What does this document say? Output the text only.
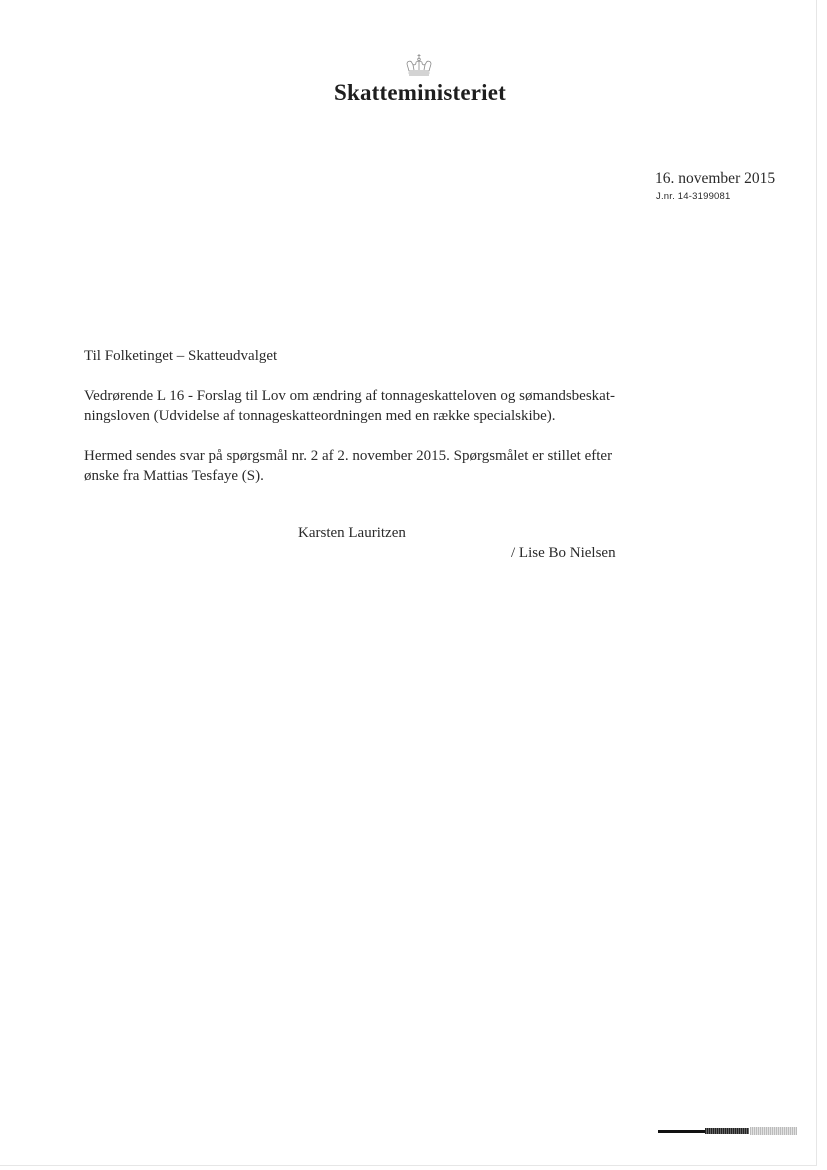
Skatteministeriet
16. november 2015
J.nr. 14-3199081
Til Folketinget – Skatteudvalget
Vedrørende L 16 - Forslag til Lov om ændring af tonnageskatteloven og sømandsbeskat-
ningsloven (Udvidelse af tonnageskatteordningen med en række specialskibe).
Hermed sendes svar på spørgsmål nr. 2 af 2. november 2015. Spørgsmålet er stillet efter
ønske fra Mattias Tesfaye (S).
Karsten Lauritzen
/ Lise Bo Nielsen
